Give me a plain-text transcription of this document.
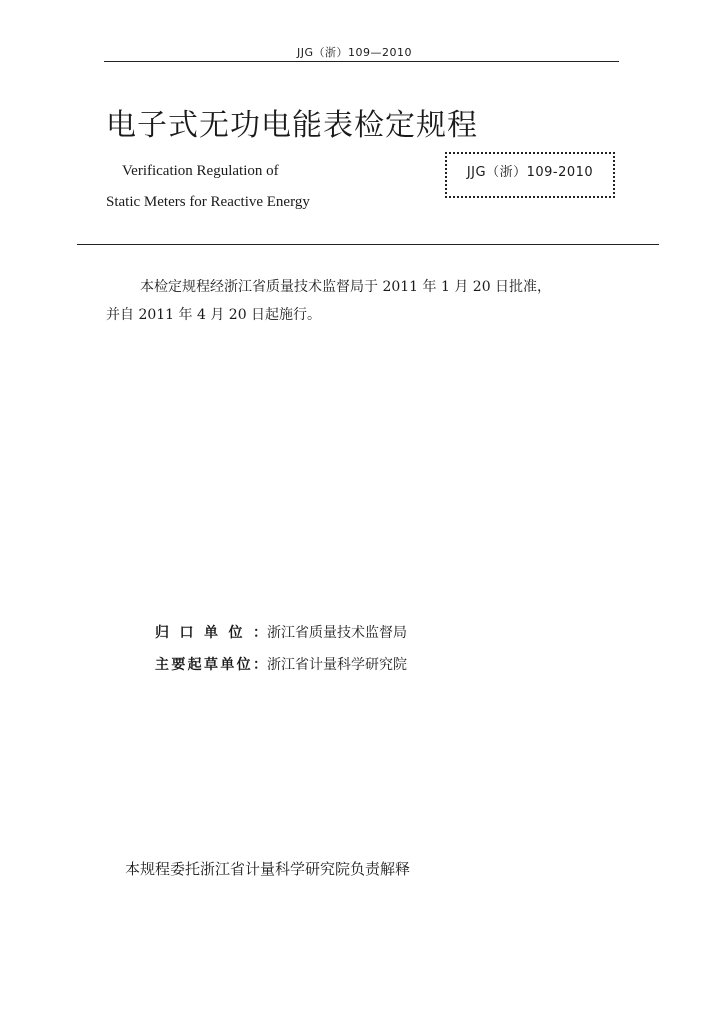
JJG（浙）109—2010
电子式无功电能表检定规程
Verification Regulation of
Static Meters for Reactive Energy
JJG（浙）109-2010
本检定规程经浙江省质量技术监督局于 2011 年 1 月 20 日批准，
并自 2011 年 4 月 20 日起施行。
归口单位： 浙江省质量技术监督局
主要起草单位： 浙江省计量科学研究院
本规程委托浙江省计量科学研究院负责解释
